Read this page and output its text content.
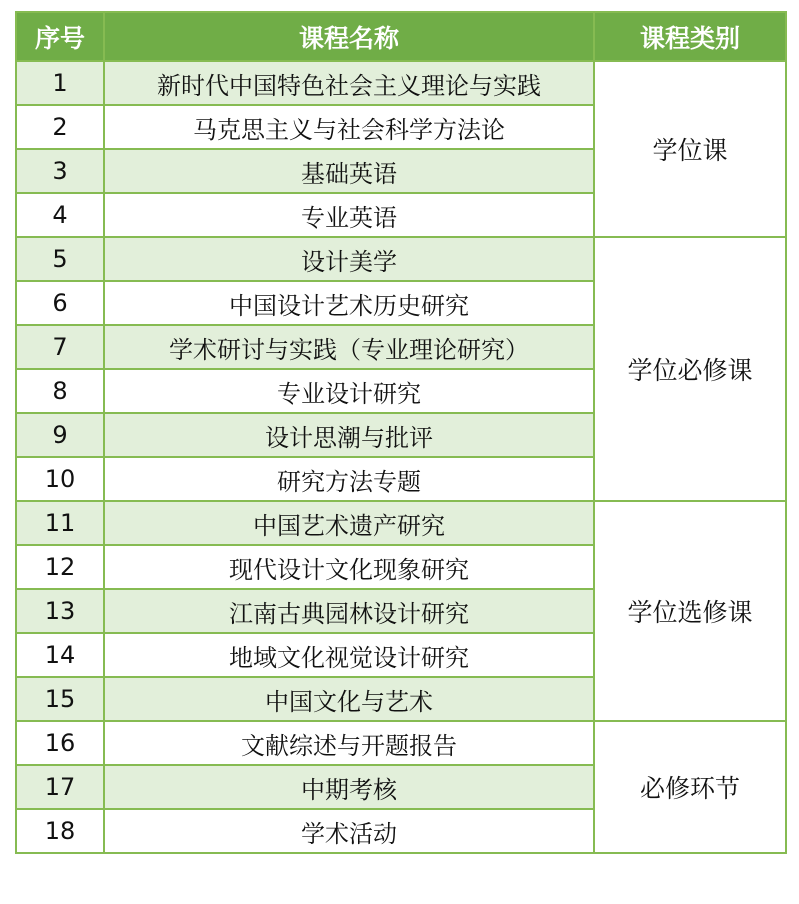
序号	课程名称	课程类别
1	新时代中国特色社会主义理论与实践	学位课
2	马克思主义与社会科学方法论	
3	基础英语	
4	专业英语	
5	设计美学	学位必修课
6	中国设计艺术历史研究	
7	学术研讨与实践（专业理论研究）	
8	专业设计研究	
9	设计思潮与批评	
10	研究方法专题	
11	中国艺术遗产研究	学位选修课
12	现代设计文化现象研究	
13	江南古典园林设计研究	
14	地域文化视觉设计研究	
15	中国文化与艺术	
16	文献综述与开题报告	必修环节
17	中期考核	
18	学术活动	
